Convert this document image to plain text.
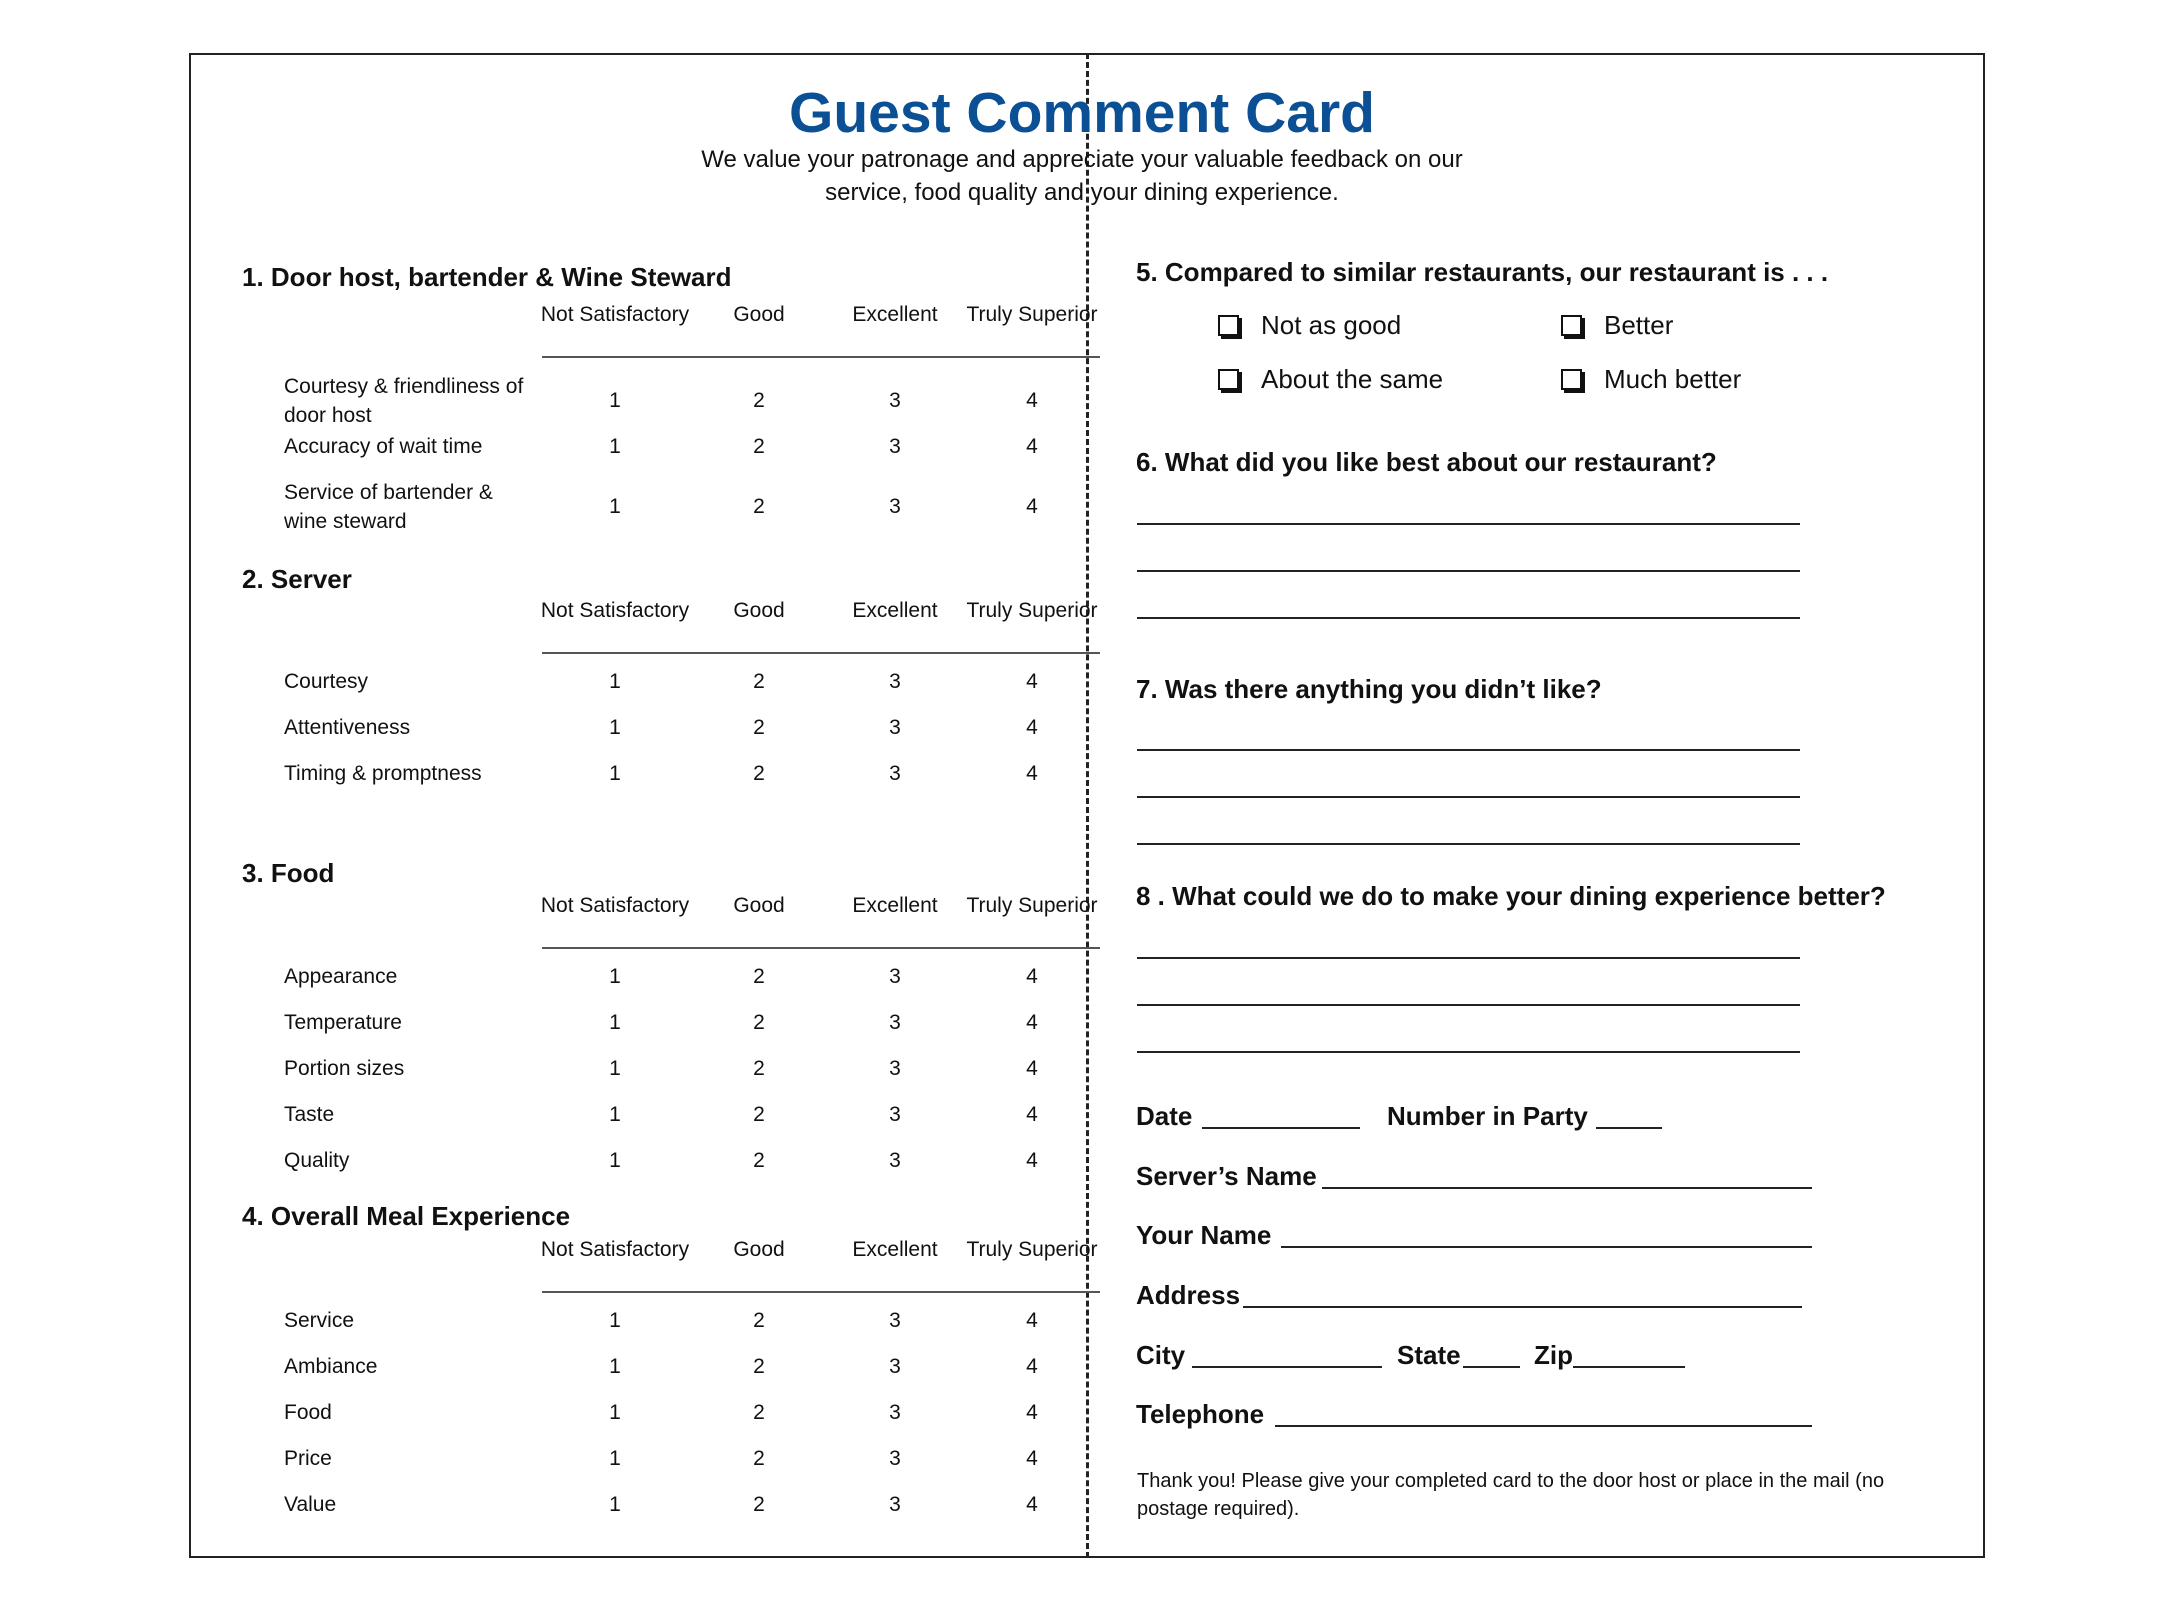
Guest Comment Card
We value your patronage and appreciate your valuable feedback on our service, food quality and your dining experience.
1. Door host, bartender & Wine Steward
Not Satisfactory	Good	Excellent	Truly Superior
Courtesy & friendliness of door host
1	2	3	4
Accuracy of wait time	1	2	3	4
Service of bartender & wine steward
1	2	3	4
2. Server
Not Satisfactory	Good	Excellent	Truly Superior
Courtesy	1	2	3	4
Attentiveness	1	2	3	4
Timing & promptness	1	2	3	4
3. Food
Not Satisfactory	Good	Excellent	Truly Superior
Appearance	1	2	3	4
Temperature	1	2	3	4
Portion sizes	1	2	3	4
Taste	1	2	3	4
Quality	1	2	3	4
4. Overall Meal Experience
Not Satisfactory	Good	Excellent	Truly Superior
Service	1	2	3	4
Ambiance	1	2	3	4
Food	1	2	3	4
Price	1	2	3	4
Value	1	2	3	4
5. Compared to similar restaurants, our restaurant is . . .
Not as good	Better
About the same	Much better
6. What did you like best about our restaurant?
7. Was there anything you didn’t like?
8 . What could we do to make your dining experience better?
Date	Number in Party
Server’s Name
Your Name
Address
City	State	Zip
Telephone
Thank you! Please give your completed card to the door host or place in the mail (no postage required).
